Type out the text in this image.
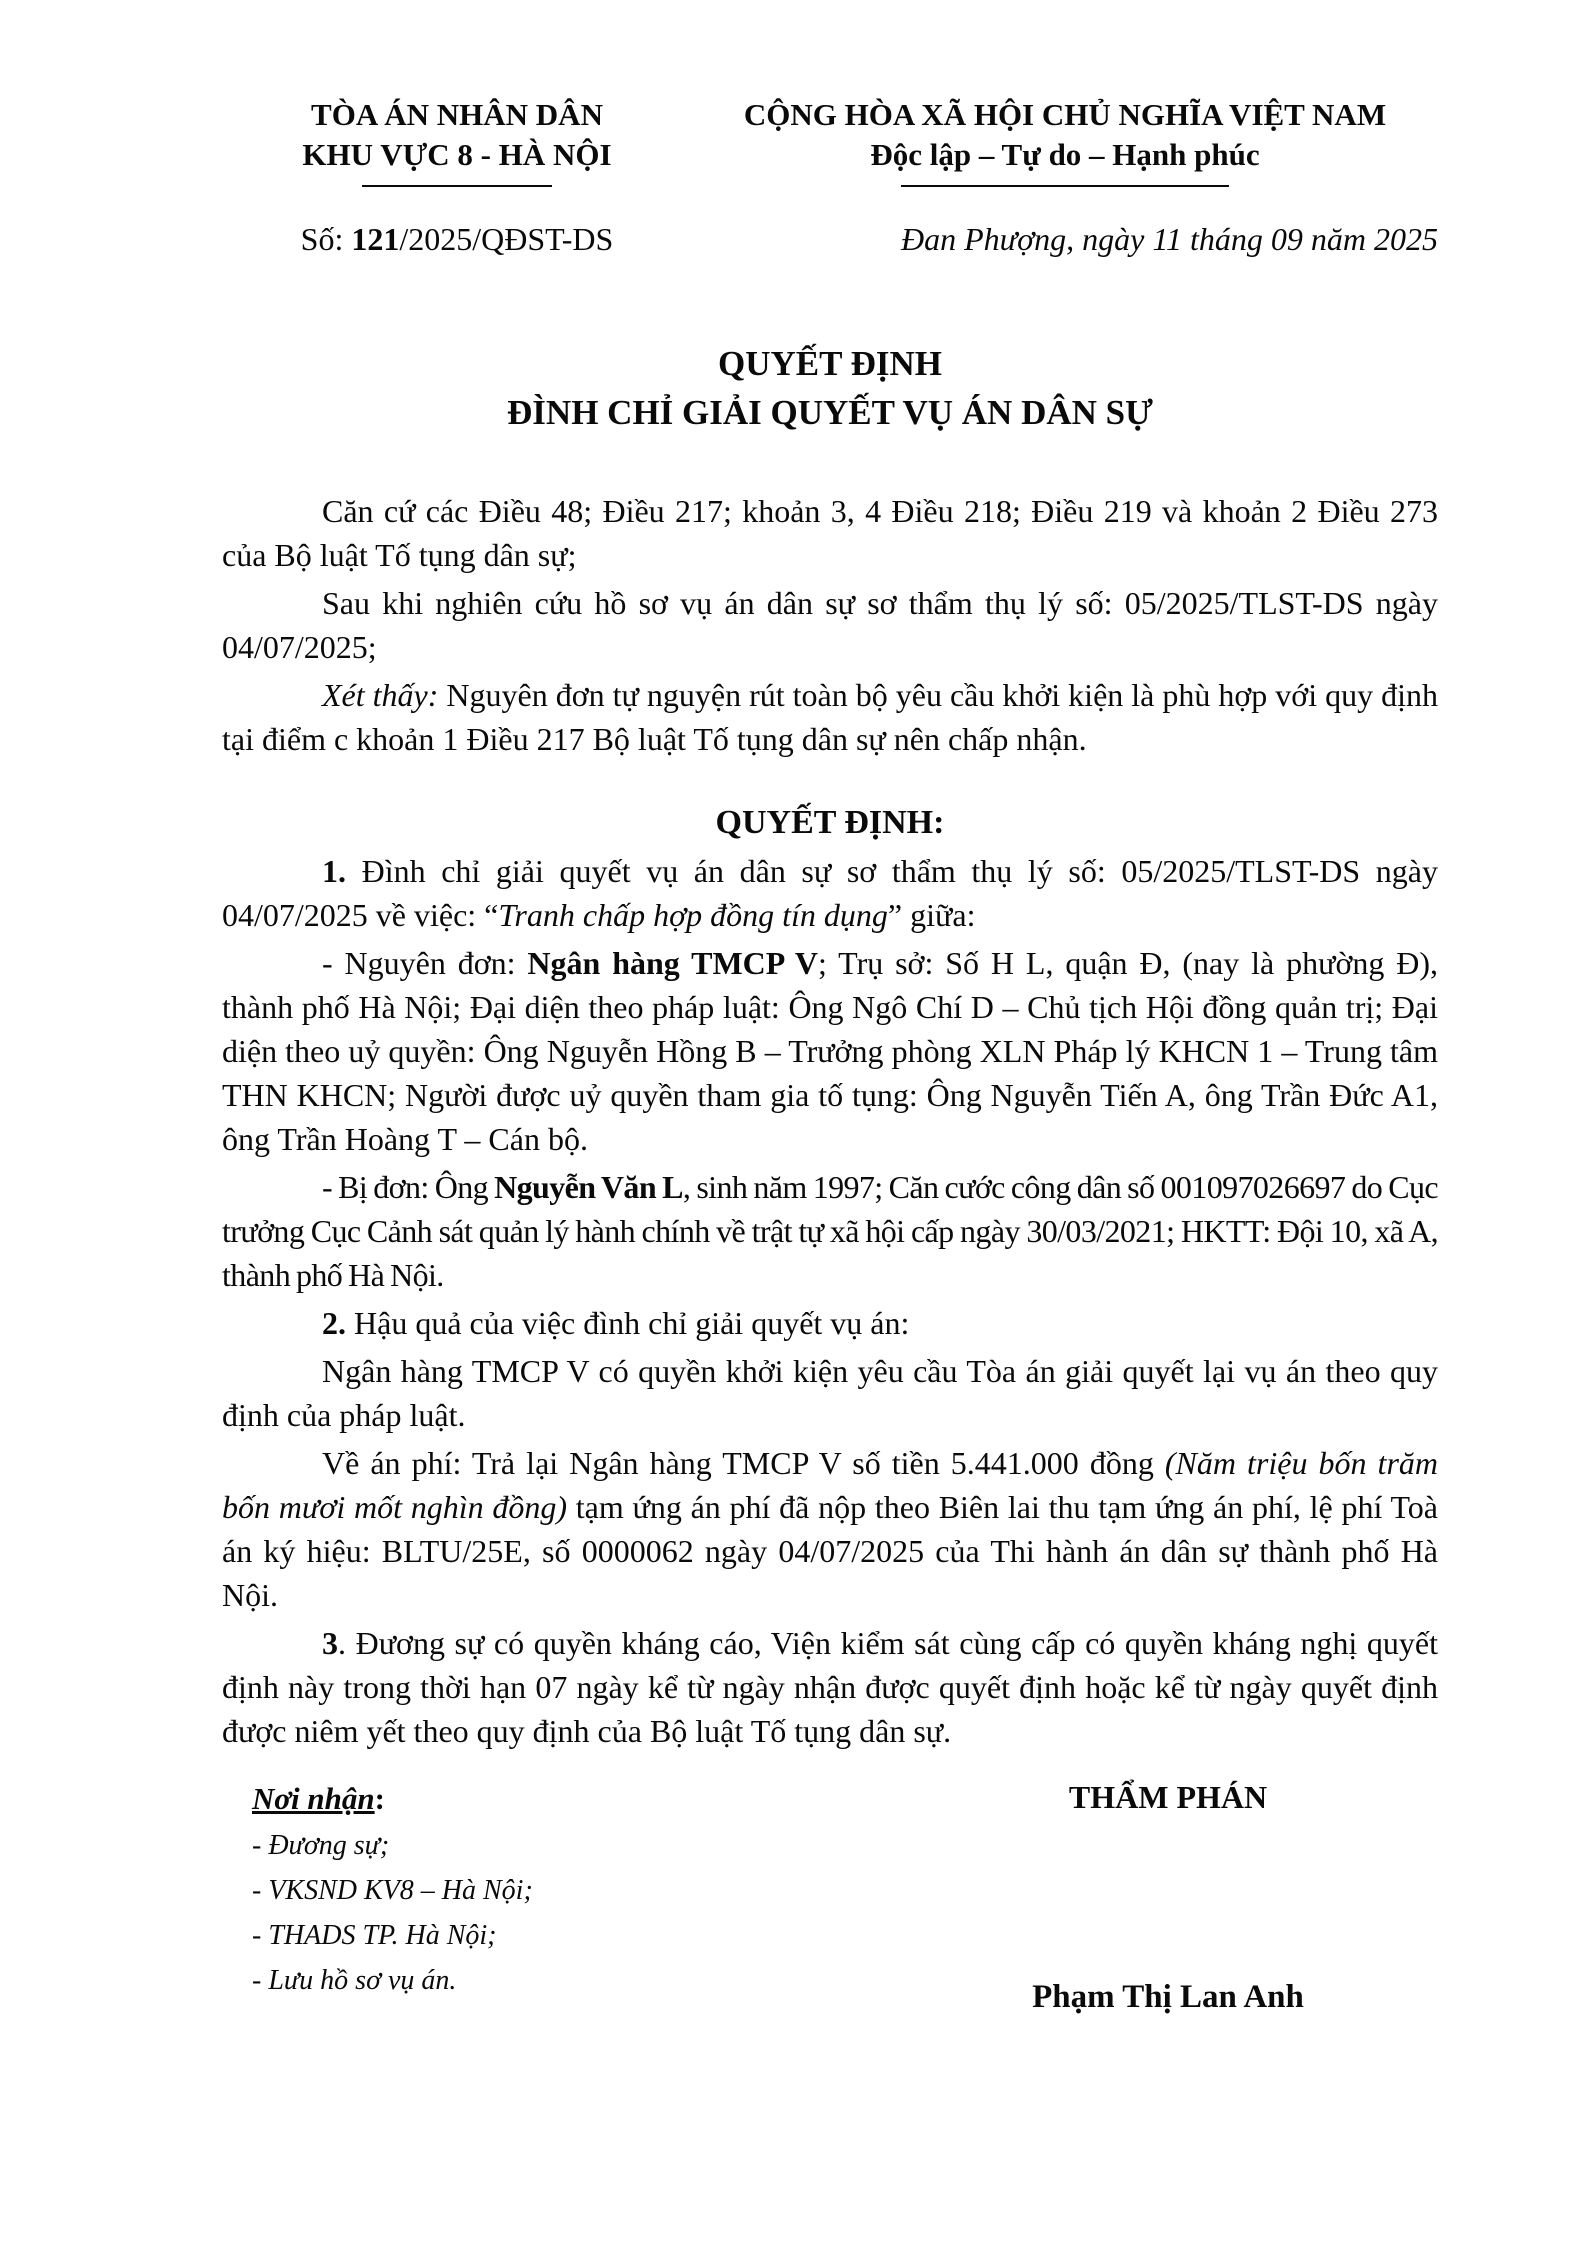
TÒA ÁN NHÂN DÂN
KHU VỰC 8 - HÀ NỘI
CỘNG HÒA XÃ HỘI CHỦ NGHĨA VIỆT NAM
Độc lập – Tự do – Hạnh phúc
Số: 121/2025/QĐST-DS	Đan Phượng, ngày 11 tháng 09 năm 2025
QUYẾT ĐỊNH
ĐÌNH CHỈ GIẢI QUYẾT VỤ ÁN DÂN SỰ

Căn cứ các Điều 48; Điều 217; khoản 3, 4 Điều 218; Điều 219 và khoản 2 Điều 273 của Bộ luật Tố tụng dân sự;

Sau khi nghiên cứu hồ sơ vụ án dân sự sơ thẩm thụ lý số: 05/2025/TLST-DS ngày 04/07/2025;

Xét thấy: Nguyên đơn tự nguyện rút toàn bộ yêu cầu khởi kiện là phù hợp với quy định tại điểm c khoản 1 Điều 217 Bộ luật Tố tụng dân sự nên chấp nhận.

QUYẾT ĐỊNH:

1. Đình chỉ giải quyết vụ án dân sự sơ thẩm thụ lý số: 05/2025/TLST-DS ngày 04/07/2025 về việc: “Tranh chấp hợp đồng tín dụng” giữa:

- Nguyên đơn: Ngân hàng TMCP V; Trụ sở: Số H L, quận Đ, (nay là phường Đ), thành phố Hà Nội; Đại diện theo pháp luật: Ông Ngô Chí D – Chủ tịch Hội đồng quản trị; Đại diện theo uỷ quyền: Ông Nguyễn Hồng B – Trưởng phòng XLN Pháp lý KHCN 1 – Trung tâm THN KHCN; Người được uỷ quyền tham gia tố tụng: Ông Nguyễn Tiến A, ông Trần Đức A1, ông Trần Hoàng T – Cán bộ.

- Bị đơn: Ông Nguyễn Văn L, sinh năm 1997; Căn cước công dân số 001097026697 do Cục trưởng Cục Cảnh sát quản lý hành chính về trật tự xã hội cấp ngày 30/03/2021; HKTT: Đội 10, xã A, thành phố Hà Nội.

2. Hậu quả của việc đình chỉ giải quyết vụ án:

Ngân hàng TMCP V có quyền khởi kiện yêu cầu Tòa án giải quyết lại vụ án theo quy định của pháp luật.

Về án phí: Trả lại Ngân hàng TMCP V số tiền 5.441.000 đồng (Năm triệu bốn trăm bốn mươi mốt nghìn đồng) tạm ứng án phí đã nộp theo Biên lai thu tạm ứng án phí, lệ phí Toà án ký hiệu: BLTU/25E, số 0000062 ngày 04/07/2025 của Thi hành án dân sự thành phố Hà Nội.

3. Đương sự có quyền kháng cáo, Viện kiểm sát cùng cấp có quyền kháng nghị quyết định này trong thời hạn 07 ngày kể từ ngày nhận được quyết định hoặc kể từ ngày quyết định được niêm yết theo quy định của Bộ luật Tố tụng dân sự.

Nơi nhận:
- Đương sự;
- VKSND KV8 – Hà Nội;
- THADS TP. Hà Nội;
- Lưu hồ sơ vụ án.
THẨM PHÁN
Phạm Thị Lan Anh
